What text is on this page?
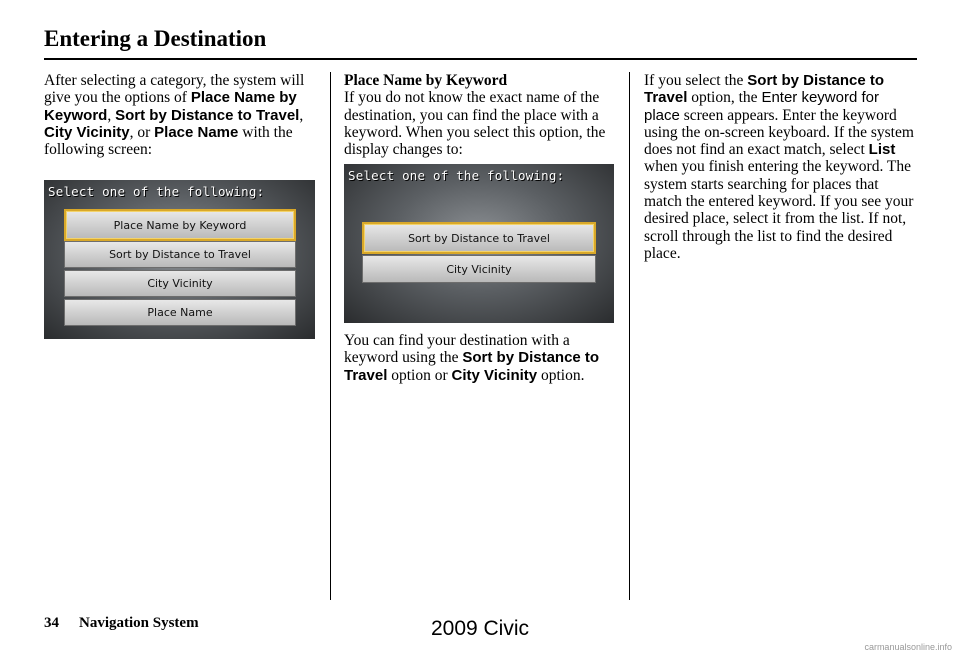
Entering a Destination
After selecting a category, the system will give you the options of Place Name by Keyword, Sort by Distance to Travel, City Vicinity, or Place Name with the following screen:
Select one of the following:
Place Name by Keyword
Sort by Distance to Travel
City Vicinity
Place Name
Place Name by Keyword
If you do not know the exact name of the destination, you can find the place with a keyword. When you select this option, the display changes to:
Select one of the following:
Sort by Distance to Travel
City Vicinity
You can find your destination with a keyword using the Sort by Distance to Travel option or City Vicinity option.
If you select the Sort by Distance to Travel option, the Enter keyword for place screen appears. Enter the keyword using the on-screen keyboard. If the system does not find an exact match, select List when you finish entering the keyword. The system starts searching for places that match the entered keyword. If you see your desired place, select it from the list. If not, scroll through the list to find the desired place.
34 Navigation System	2009 Civic
carmanualsonline.info
